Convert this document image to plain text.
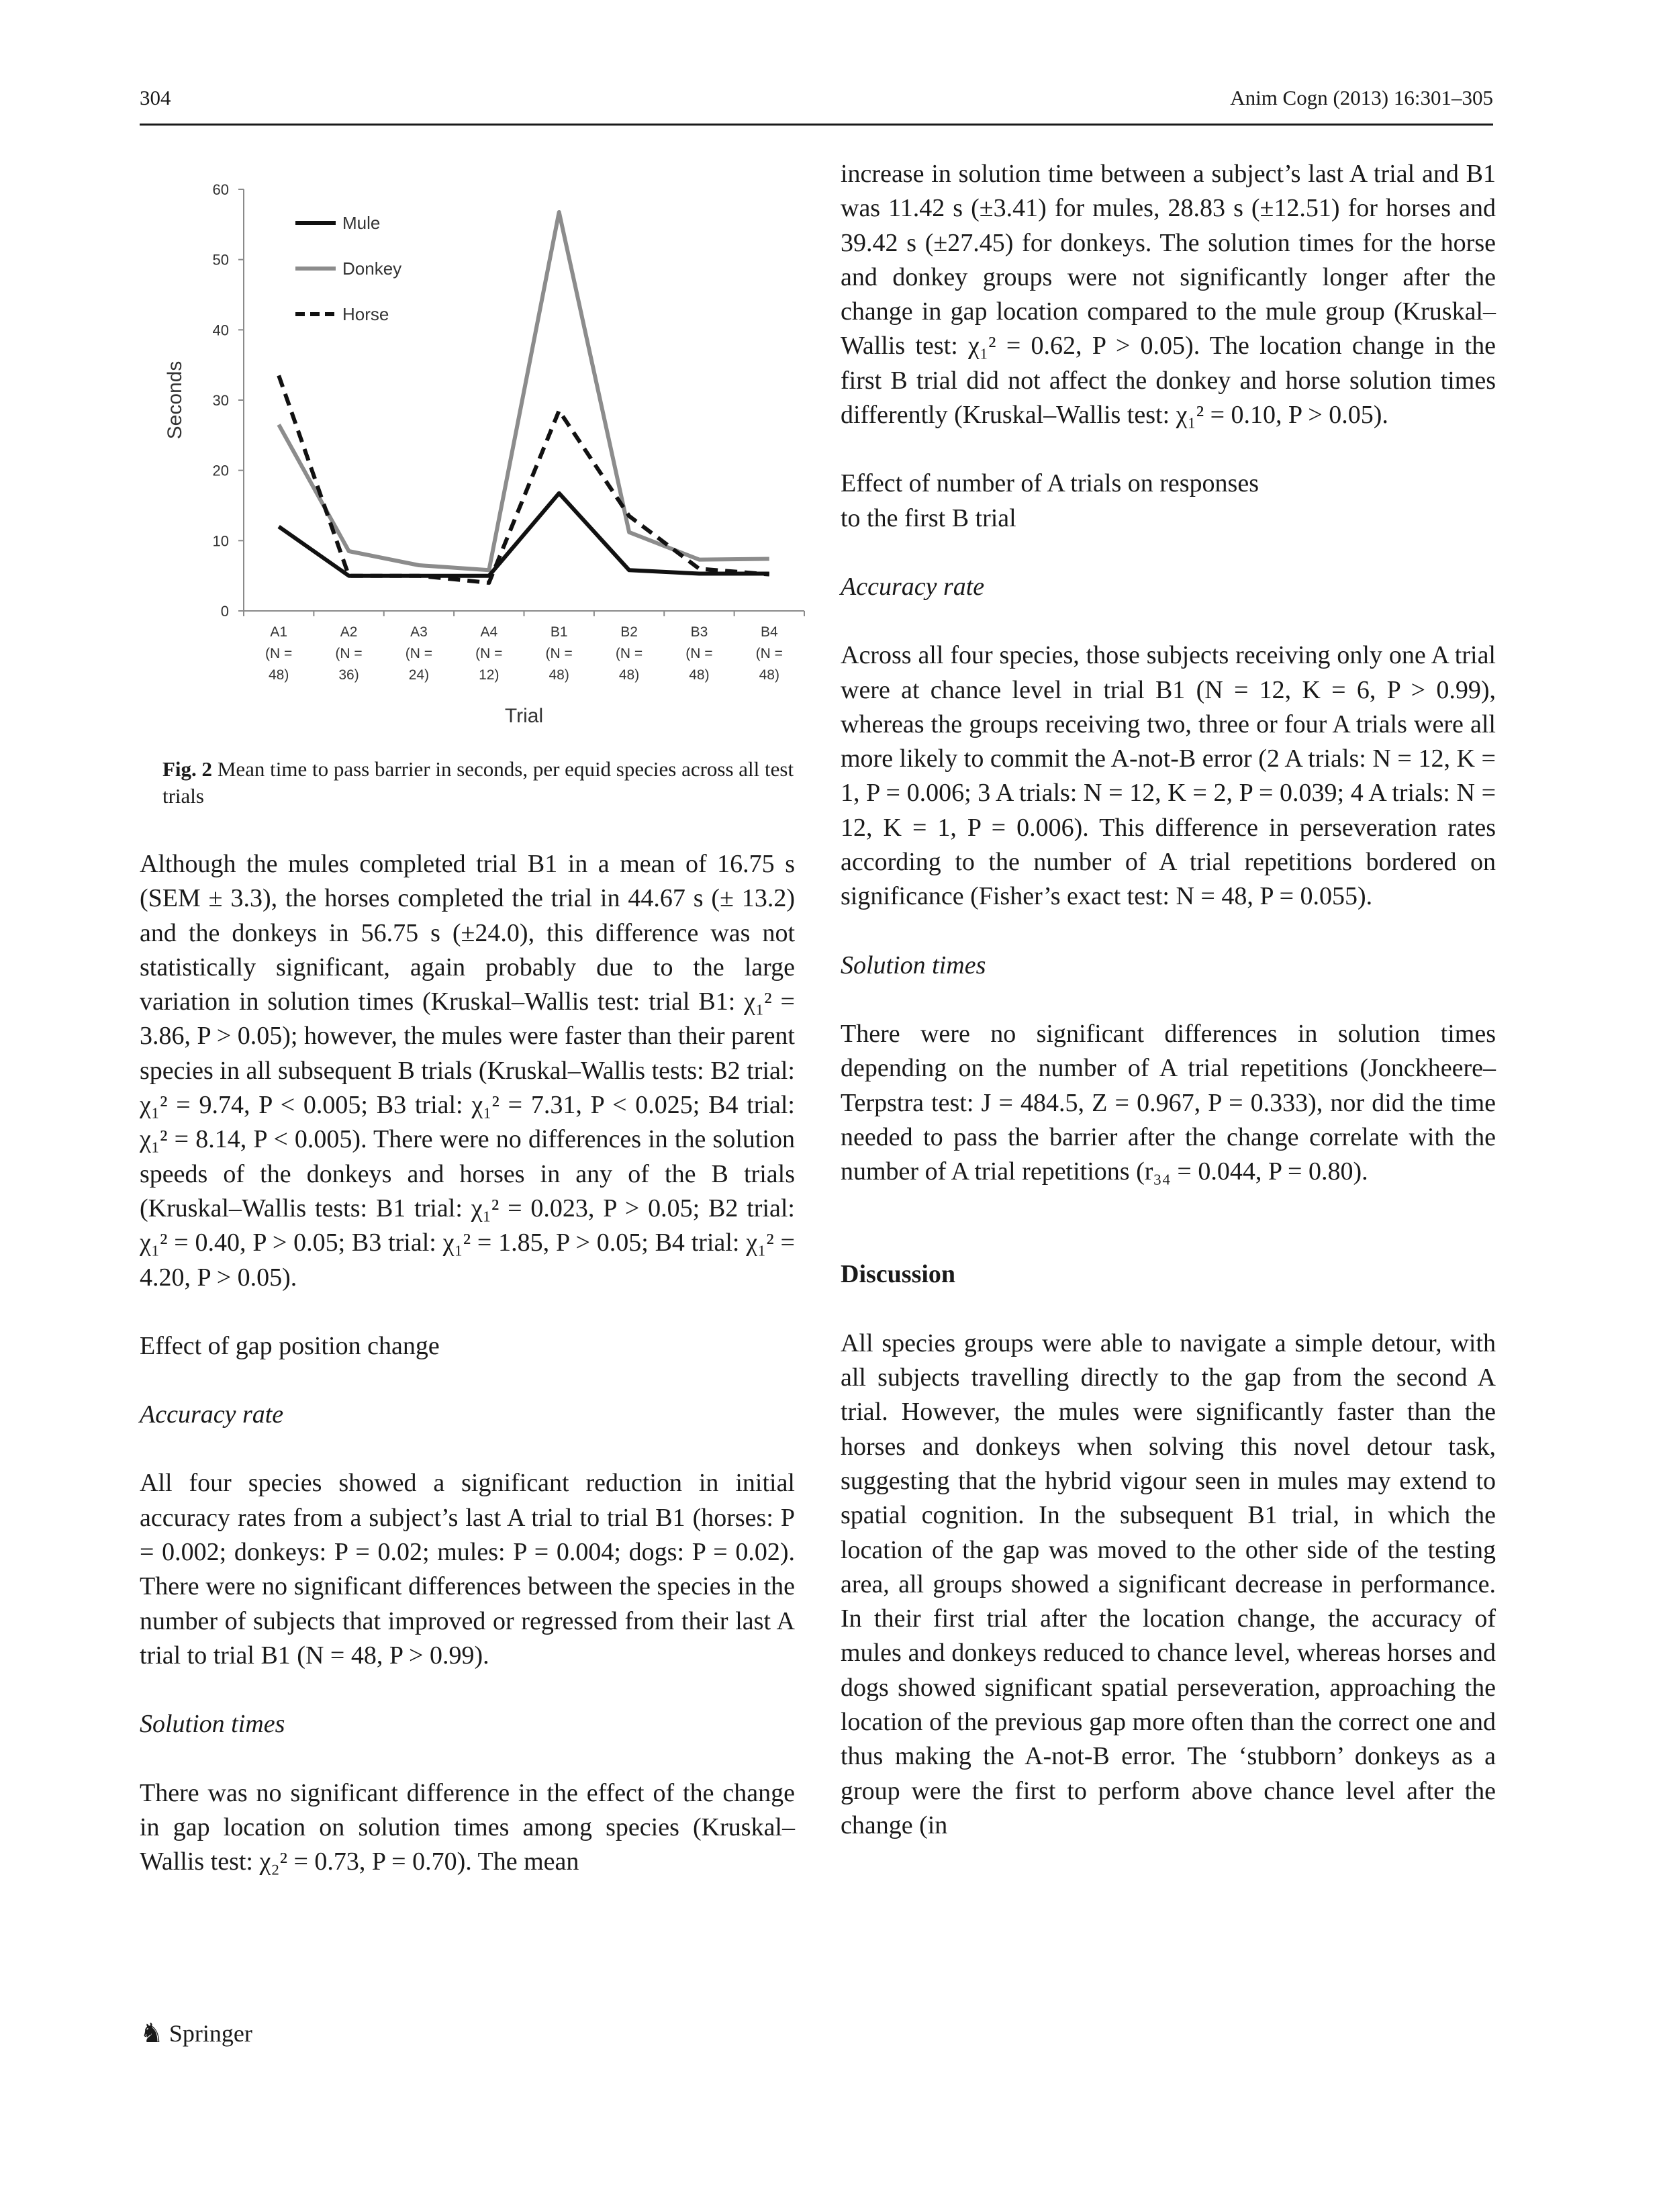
304	Anim Cogn (2013) 16:301–305
0
10
20
30
40
50
60
A1
(N =
48)
A2
(N =
36)
A3
(N =
24)
A4
(N =
12)
B1
(N =
48)
B2
(N =
48)
B3
(N =
48)
B4
(N =
48)
Trial
Seconds
Mule
Donkey
Horse
Fig. 2 Mean time to pass barrier in seconds, per equid species across all test trials

Although the mules completed trial B1 in a mean of 16.75 s (SEM ± 3.3), the horses completed the trial in 44.67 s (± 13.2) and the donkeys in 56.75 s (±24.0), this difference was not statistically significant, again probably due to the large variation in solution times (Kruskal–Wallis test: trial B1: χ₁² = 3.86, P > 0.05); however, the mules were faster than their parent species in all subsequent B trials (Kruskal–Wallis tests: B2 trial: χ₁² = 9.74, P < 0.005; B3 trial: χ₁² = 7.31, P < 0.025; B4 trial: χ₁² = 8.14, P < 0.005). There were no differences in the solution speeds of the donkeys and horses in any of the B trials (Kruskal–Wallis tests: B1 trial: χ₁² = 0.023, P > 0.05; B2 trial: χ₁² = 0.40, P > 0.05; B3 trial: χ₁² = 1.85, P > 0.05; B4 trial: χ₁² = 4.20, P > 0.05).

Effect of gap position change

Accuracy rate

All four species showed a significant reduction in initial accuracy rates from a subject’s last A trial to trial B1 (horses: P = 0.002; donkeys: P = 0.02; mules: P = 0.004; dogs: P = 0.02). There were no significant differences between the species in the number of subjects that improved or regressed from their last A trial to trial B1 (N = 48, P > 0.99).

Solution times

There was no significant difference in the effect of the change in gap location on solution times among species (Kruskal–Wallis test: χ₂² = 0.73, P = 0.70). The mean

increase in solution time between a subject’s last A trial and B1 was 11.42 s (±3.41) for mules, 28.83 s (±12.51) for horses and 39.42 s (±27.45) for donkeys. The solution times for the horse and donkey groups were not significantly longer after the change in gap location compared to the mule group (Kruskal–Wallis test: χ₁² = 0.62, P > 0.05). The location change in the first B trial did not affect the donkey and horse solution times differently (Kruskal–Wallis test: χ₁² = 0.10, P > 0.05).

Effect of number of A trials on responses
to the first B trial

Accuracy rate

Across all four species, those subjects receiving only one A trial were at chance level in trial B1 (N = 12, K = 6, P > 0.99), whereas the groups receiving two, three or four A trials were all more likely to commit the A-not-B error (2 A trials: N = 12, K = 1, P = 0.006; 3 A trials: N = 12, K = 2, P = 0.039; 4 A trials: N = 12, K = 1, P = 0.006). This difference in perseveration rates according to the number of A trial repetitions bordered on significance (Fisher’s exact test: N = 48, P = 0.055).

Solution times

There were no significant differences in solution times depending on the number of A trial repetitions (Jonckheere–Terpstra test: J = 484.5, Z = 0.967, P = 0.333), nor did the time needed to pass the barrier after the change correlate with the number of A trial repetitions (r₃₄ = 0.044, P = 0.80).

Discussion

All species groups were able to navigate a simple detour, with all subjects travelling directly to the gap from the second A trial. However, the mules were significantly faster than the horses and donkeys when solving this novel detour task, suggesting that the hybrid vigour seen in mules may extend to spatial cognition. In the subsequent B1 trial, in which the location of the gap was moved to the other side of the testing area, all groups showed a significant decrease in performance. In their first trial after the location change, the accuracy of mules and donkeys reduced to chance level, whereas horses and dogs showed significant spatial perseveration, approaching the location of the previous gap more often than the correct one and thus making the A-not-B error. The ‘stubborn’ donkeys as a group were the first to perform above chance level after the change (in

♞ Springer
